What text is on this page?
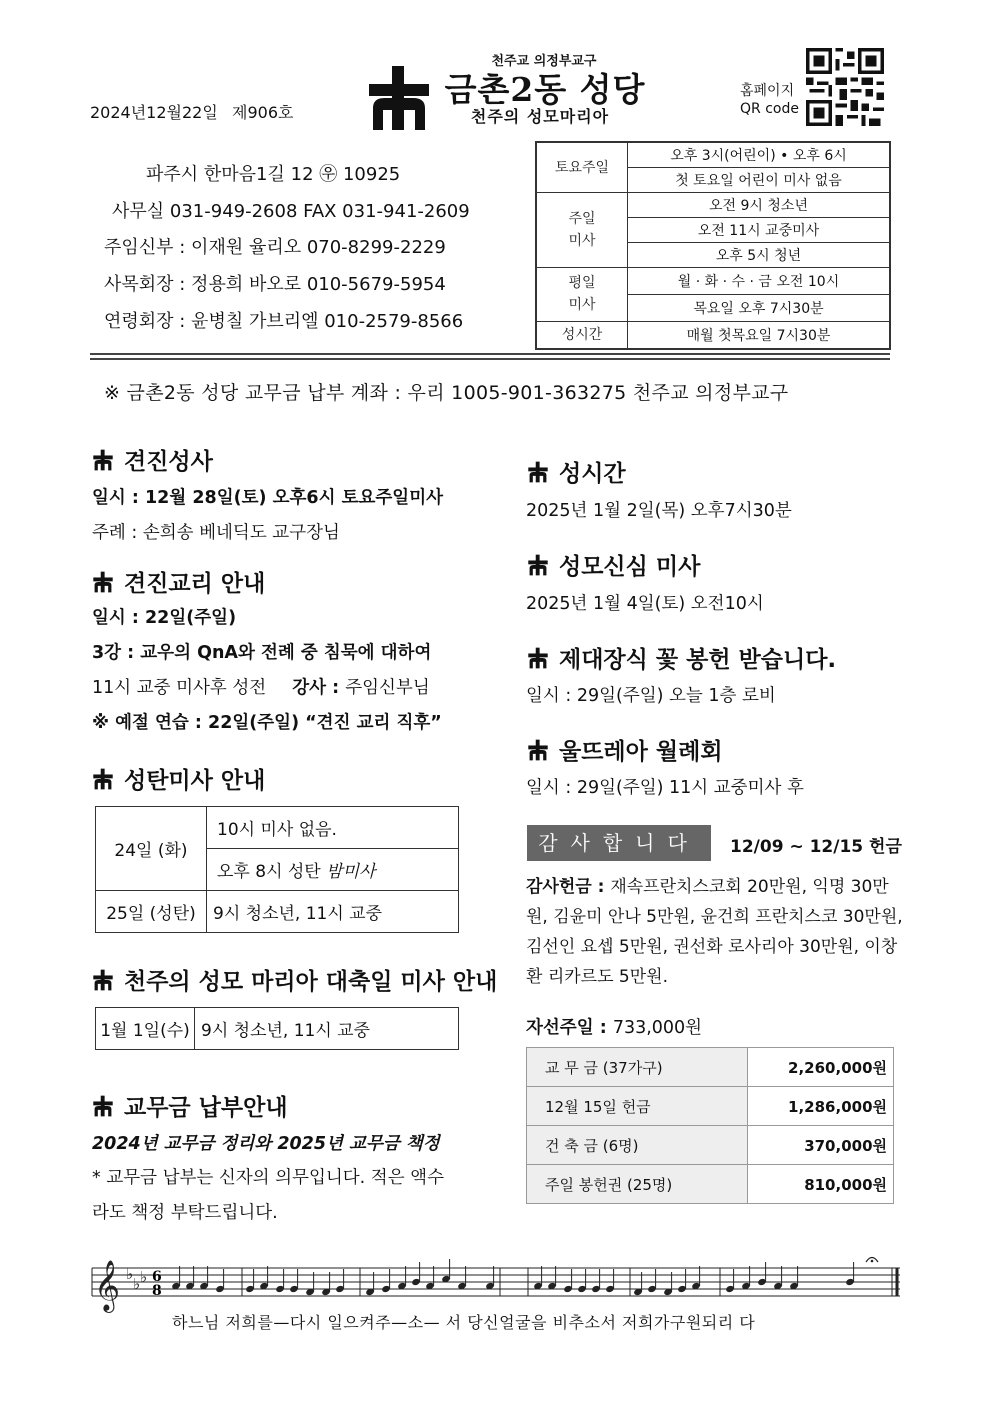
천주교 의정부교구
금촌2동 성당
천주의 성모마리아
2024년12월22일 제906호
홈페이지
QR code
파주시 한마음1길 12 ㉾ 10925
사무실 031-949-2608 FAX 031-941-2609
주임신부 : 이재원 율리오 070-8299-2229
사목회장 : 정용희 바오로 010-5679-5954
연령회장 : 윤병칠 가브리엘 010-2579-8566
토요주일	오후 3시(어린이) • 오후 6시
	첫 토요일 어린이 미사 없음
주일
미사	오전 9시 청소년
	오전 11시 교중미사
	오후 5시 청년
평일
미사	월 · 화 · 수 · 금 오전 10시
	목요일 오후 7시30분
성시간	매월 첫목요일 7시30분
※ 금촌2동 성당 교무금 납부 계좌 : 우리 1005-901-363275 천주교 의정부교구
견진성사
일시 : 12월 28일(토) 오후6시 토요주일미사
주례 : 손희송 베네딕도 교구장님
견진교리 안내
일시 : 22일(주일)
3강 : 교우의 QnA와 전례 중 침묵에 대하여
11시 교중 미사후 성전 강사 : 주임신부님
※ 예절 연습 : 22일(주일) “견진 교리 직후”
성탄미사 안내
24일 (화)	10시 미사 없음.
	오후 8시 성탄 밤미사
25일 (성탄)	9시 청소년, 11시 교중
천주의 성모 마리아 대축일 미사 안내
1월 1일(수)	9시 청소년, 11시 교중
교무금 납부안내
2024년 교무금 정리와 2025년 교무금 책정
* 교무금 납부는 신자의 의무입니다. 적은 액수
라도 책정 부탁드립니다.
성시간
2025년 1월 2일(목) 오후7시30분
성모신심 미사
2025년 1월 4일(토) 오전10시
제대장식 꽃 봉헌 받습니다.
일시 : 29일(주일) 오늘 1층 로비
울뜨레아 월례회
일시 : 29일(주일) 11시 교중미사 후
감사합니다	12/09 ~ 12/15 헌금
감사헌금 : 재속프란치스코회 20만원, 익명 30만원, 김윤미 안나 5만원, 윤건희 프란치스코 30만원, 김선인 요셉 5만원, 권선화 로사리아 30만원, 이창환 리카르도 5만원.
자선주일 : 733,000원
교 무 금 (37가구)	2,260,000원
12월 15일 헌금	1,286,000원
건 축 금 (6명)	370,000원
주일 봉헌권 (25명)	810,000원
𝄞 ♭
♭ ♭ 6
8
하느님 저희를—다시 일으켜주—소— 서 당신얼굴을 비추소서 저희가구원되리 다
